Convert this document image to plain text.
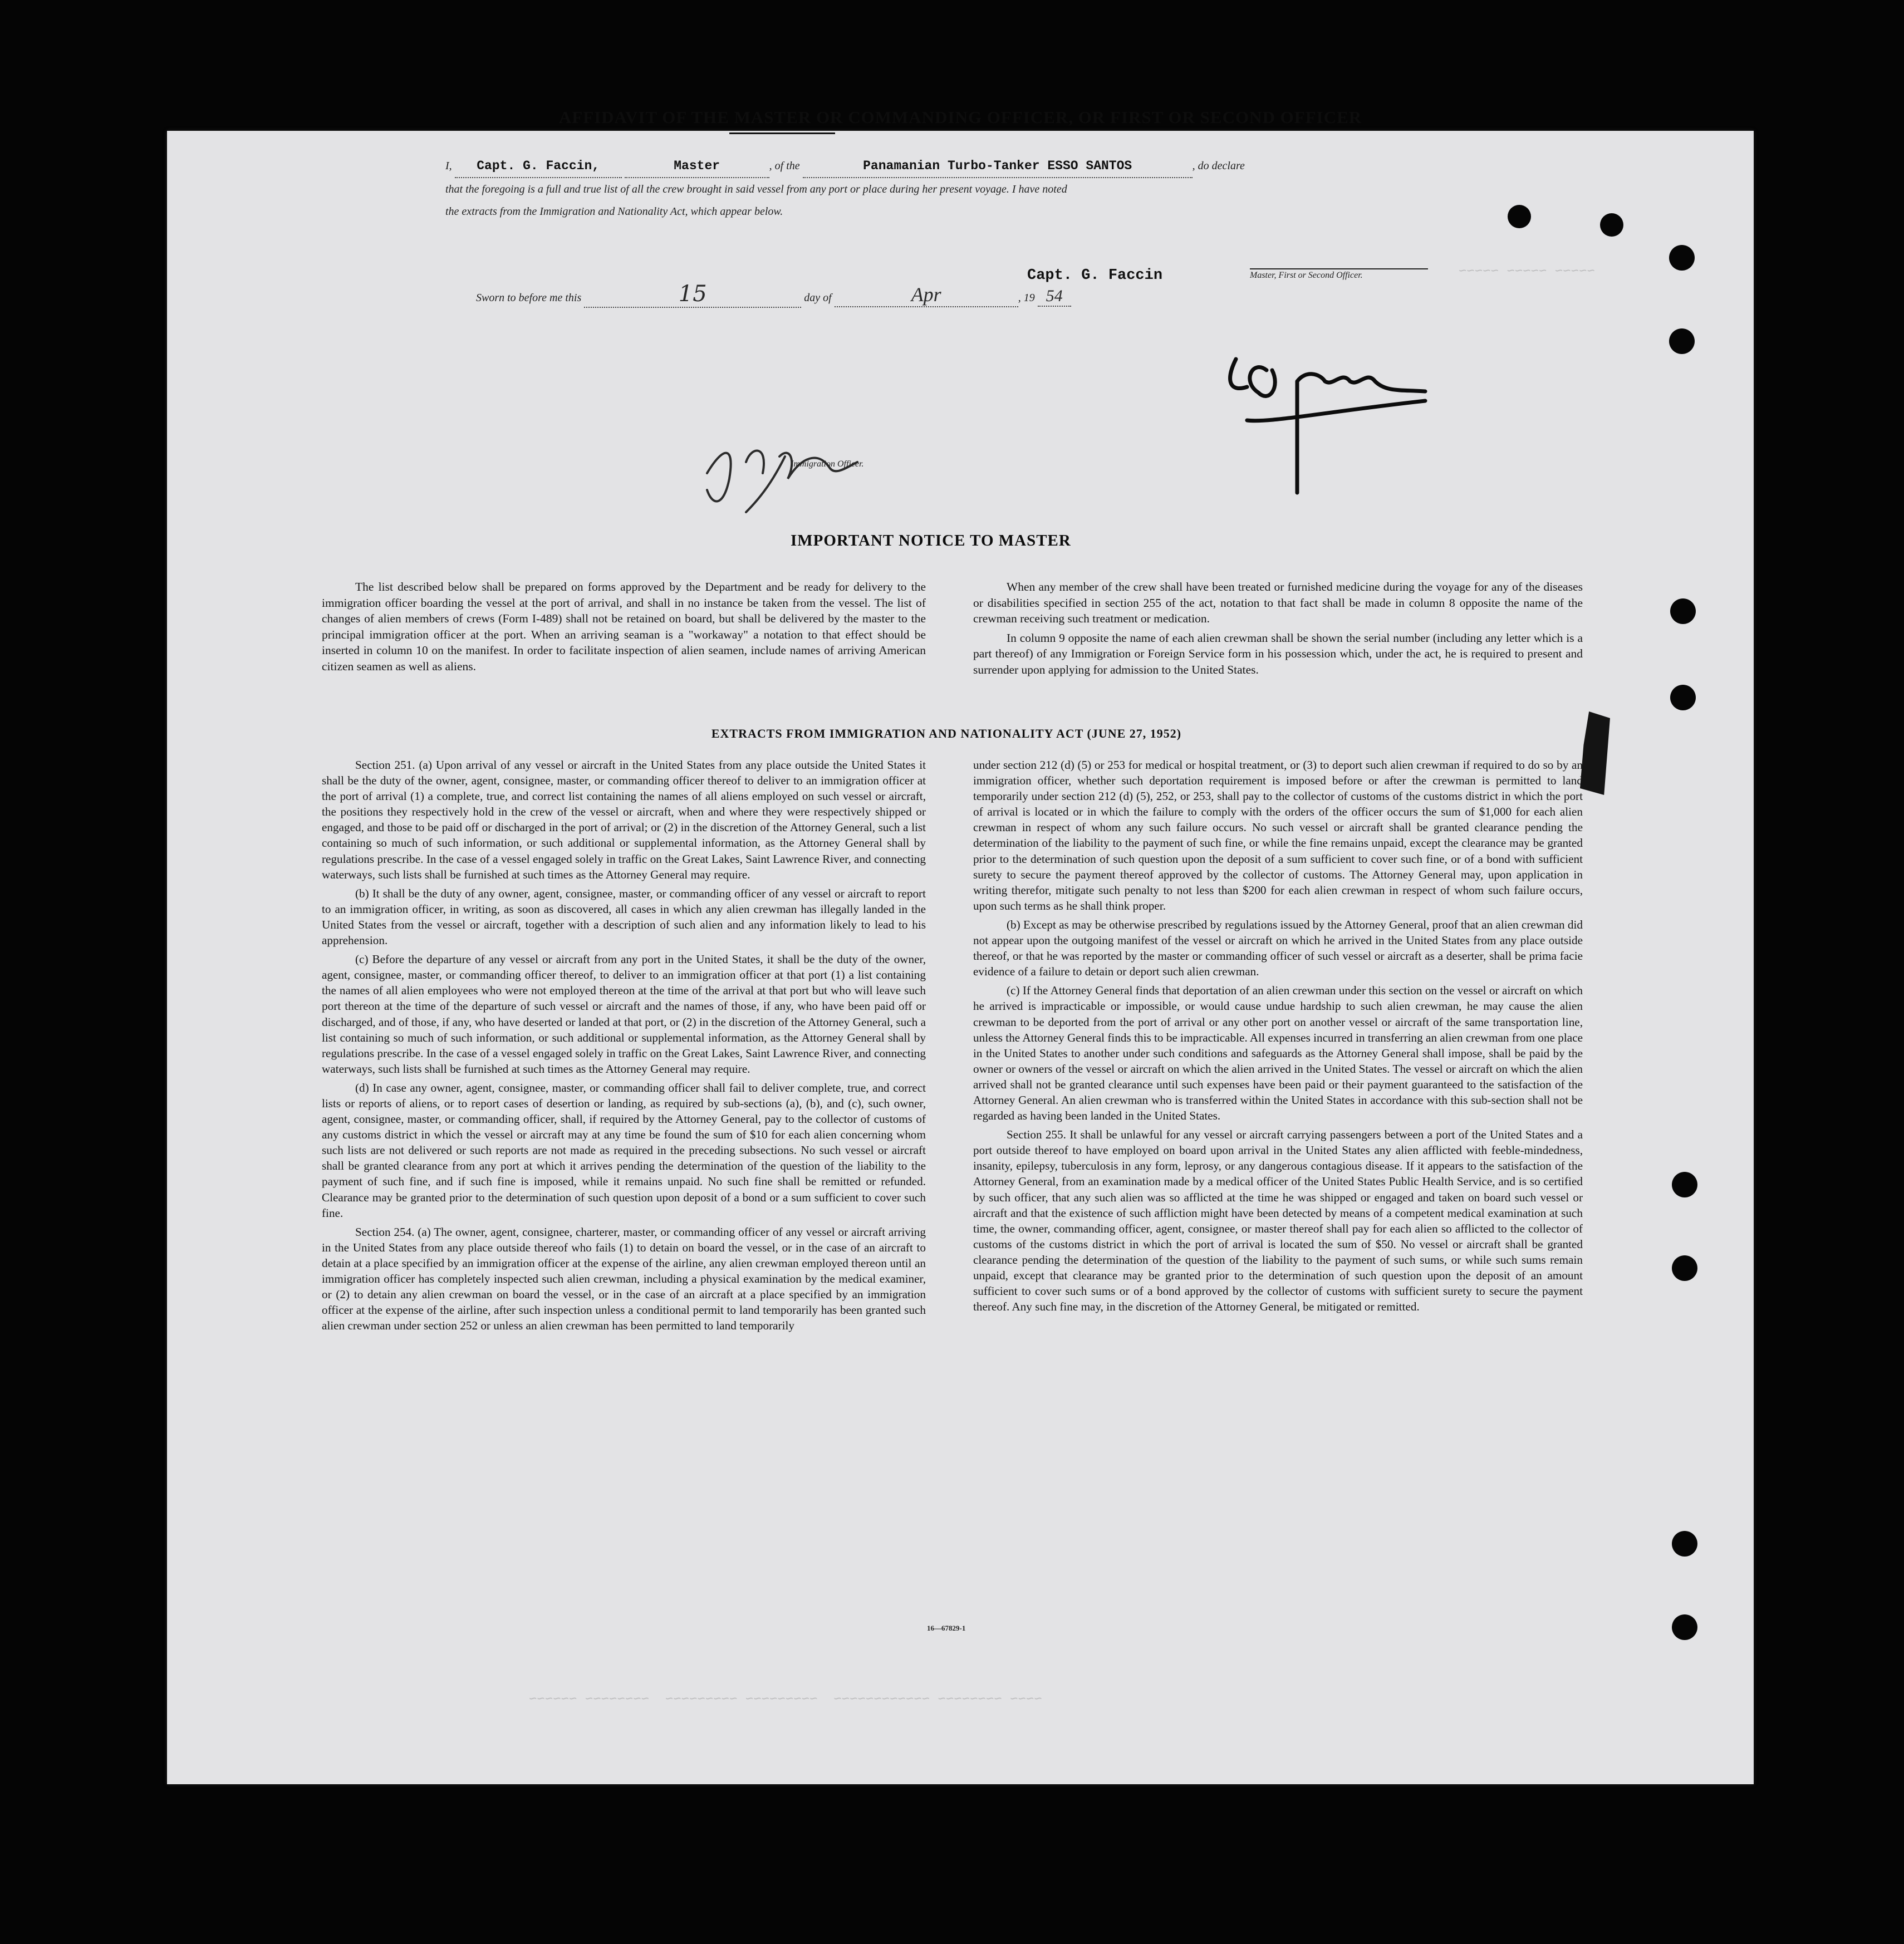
~~~~~ ~~~~~ ~~~~~
~~~~ ~~~~~~~~ ~~~~~~~~~~~~  ~~~~~~~~~ ~~~~~~~~~  ~~~~~~~~ ~~~~~~
AFFIDAVIT OF THE MASTER OR COMMANDING OFFICER, OR FIRST OR SECOND OFFICER
I, Capt. G. Faccin,	Master	, of the	Panamanian Turbo-Tanker ESSO SANTOS	, do declare
that the foregoing is a full and true list of all the crew brought in said vessel from any port or place during her present voyage. I have noted
the extracts from the Immigration and Nationality Act, which appear below.
Sworn to before me this	15	day of	Apr	, 19 54
Capt. G. Faccin	Master, First or Second Officer.
Immigration Officer.
IMPORTANT NOTICE TO MASTER

The list described below shall be prepared on forms approved by the Department and be ready for delivery to the immigration officer boarding the vessel at the port of arrival, and shall in no instance be taken from the vessel. The list of changes of alien members of crews (Form I-489) shall not be retained on board, but shall be delivered by the master to the principal immigration officer at the port. When an arriving seaman is a "workaway" a notation to that effect should be inserted in column 10 on the manifest. In order to facilitate inspection of alien seamen, include names of arriving American citizen seamen as well as aliens.

When any member of the crew shall have been treated or furnished medicine during the voyage for any of the diseases or disabilities specified in section 255 of the act, notation to that fact shall be made in column 8 opposite the name of the crewman receiving such treatment or medication.

In column 9 opposite the name of each alien crewman shall be shown the serial number (including any letter which is a part thereof) of any Immigration or Foreign Service form in his possession which, under the act, he is required to present and surrender upon applying for admission to the United States.

EXTRACTS FROM IMMIGRATION AND NATIONALITY ACT (JUNE 27, 1952)

Section 251. (a) Upon arrival of any vessel or aircraft in the United States from any place outside the United States it shall be the duty of the owner, agent, consignee, master, or commanding officer thereof to deliver to an immigration officer at the port of arrival (1) a complete, true, and correct list containing the names of all aliens employed on such vessel or aircraft, the positions they respectively hold in the crew of the vessel or aircraft, when and where they were respectively shipped or engaged, and those to be paid off or discharged in the port of arrival; or (2) in the discretion of the Attorney General, such a list containing so much of such information, or such additional or supplemental information, as the Attorney General shall by regulations prescribe. In the case of a vessel engaged solely in traffic on the Great Lakes, Saint Lawrence River, and connecting waterways, such lists shall be furnished at such times as the Attorney General may require.

(b) It shall be the duty of any owner, agent, consignee, master, or commanding officer of any vessel or aircraft to report to an immigration officer, in writing, as soon as discovered, all cases in which any alien crewman has illegally landed in the United States from the vessel or aircraft, together with a description of such alien and any information likely to lead to his apprehension.

(c) Before the departure of any vessel or aircraft from any port in the United States, it shall be the duty of the owner, agent, consignee, master, or commanding officer thereof, to deliver to an immigration officer at that port (1) a list containing the names of all alien employees who were not employed thereon at the time of the arrival at that port but who will leave such port thereon at the time of the departure of such vessel or aircraft and the names of those, if any, who have been paid off or discharged, and of those, if any, who have deserted or landed at that port, or (2) in the discretion of the Attorney General, such a list containing so much of such information, or such additional or supplemental information, as the Attorney General shall by regulations prescribe. In the case of a vessel engaged solely in traffic on the Great Lakes, Saint Lawrence River, and connecting waterways, such lists shall be furnished at such times as the Attorney General may require.

(d) In case any owner, agent, consignee, master, or commanding officer shall fail to deliver complete, true, and correct lists or reports of aliens, or to report cases of desertion or landing, as required by sub-sections (a), (b), and (c), such owner, agent, consignee, master, or commanding officer, shall, if required by the Attorney General, pay to the collector of customs of any customs district in which the vessel or aircraft may at any time be found the sum of $10 for each alien concerning whom such lists are not delivered or such reports are not made as required in the preceding subsections. No such vessel or aircraft shall be granted clearance from any port at which it arrives pending the determination of the question of the liability to the payment of such fine, and if such fine is imposed, while it remains unpaid. No such fine shall be remitted or refunded. Clearance may be granted prior to the determination of such question upon deposit of a bond or a sum sufficient to cover such fine.

Section 254. (a) The owner, agent, consignee, charterer, master, or commanding officer of any vessel or aircraft arriving in the United States from any place outside thereof who fails (1) to detain on board the vessel, or in the case of an aircraft to detain at a place specified by an immigration officer at the expense of the airline, any alien crewman employed thereon until an immigration officer has completely inspected such alien crewman, including a physical examination by the medical examiner, or (2) to detain any alien crewman on board the vessel, or in the case of an aircraft at a place specified by an immigration officer at the expense of the airline, after such inspection unless a conditional permit to land temporarily has been granted such alien crewman under section 252 or unless an alien crewman has been permitted to land temporarily

under section 212 (d) (5) or 253 for medical or hospital treatment, or (3) to deport such alien crewman if required to do so by an immigration officer, whether such deportation requirement is imposed before or after the crewman is permitted to land temporarily under section 212 (d) (5), 252, or 253, shall pay to the collector of customs of the customs district in which the port of arrival is located or in which the failure to comply with the orders of the officer occurs the sum of $1,000 for each alien crewman in respect of whom any such failure occurs. No such vessel or aircraft shall be granted clearance pending the determination of the liability to the payment of such fine, or while the fine remains unpaid, except the clearance may be granted prior to the determination of such question upon the deposit of a sum sufficient to cover such fine, or of a bond with sufficient surety to secure the payment thereof approved by the collector of customs. The Attorney General may, upon application in writing therefor, mitigate such penalty to not less than $200 for each alien crewman in respect of whom such failure occurs, upon such terms as he shall think proper.

(b) Except as may be otherwise prescribed by regulations issued by the Attorney General, proof that an alien crewman did not appear upon the outgoing manifest of the vessel or aircraft on which he arrived in the United States from any place outside thereof, or that he was reported by the master or commanding officer of such vessel or aircraft as a deserter, shall be prima facie evidence of a failure to detain or deport such alien crewman.

(c) If the Attorney General finds that deportation of an alien crewman under this section on the vessel or aircraft on which he arrived is impracticable or impossible, or would cause undue hardship to such alien crewman, he may cause the alien crewman to be deported from the port of arrival or any other port on another vessel or aircraft of the same transportation line, unless the Attorney General finds this to be impracticable. All expenses incurred in transferring an alien crewman from one place in the United States to another under such conditions and safeguards as the Attorney General shall impose, shall be paid by the owner or owners of the vessel or aircraft on which the alien arrived in the United States. The vessel or aircraft on which the alien arrived shall not be granted clearance until such expenses have been paid or their payment guaranteed to the satisfaction of the Attorney General. An alien crewman who is transferred within the United States in accordance with this sub-section shall not be regarded as having been landed in the United States.

Section 255. It shall be unlawful for any vessel or aircraft carrying passengers between a port of the United States and a port outside thereof to have employed on board upon arrival in the United States any alien afflicted with feeble-mindedness, insanity, epilepsy, tuberculosis in any form, leprosy, or any dangerous contagious disease. If it appears to the satisfaction of the Attorney General, from an examination made by a medical officer of the United States Public Health Service, and is so certified by such officer, that any such alien was so afflicted at the time he was shipped or engaged and taken on board such vessel or aircraft and that the existence of such affliction might have been detected by means of a competent medical examination at such time, the owner, commanding officer, agent, consignee, or master thereof shall pay for each alien so afflicted to the collector of customs of the customs district in which the port of arrival is located the sum of $50. No vessel or aircraft shall be granted clearance pending the determination of the question of the liability to the payment of such sums, or while such sums remain unpaid, except that clearance may be granted prior to the determination of such question upon the deposit of an amount sufficient to cover such sums or of a bond approved by the collector of customs with sufficient surety to secure the payment thereof. Any such fine may, in the discretion of the Attorney General, be mitigated or remitted.

16—67829-1
